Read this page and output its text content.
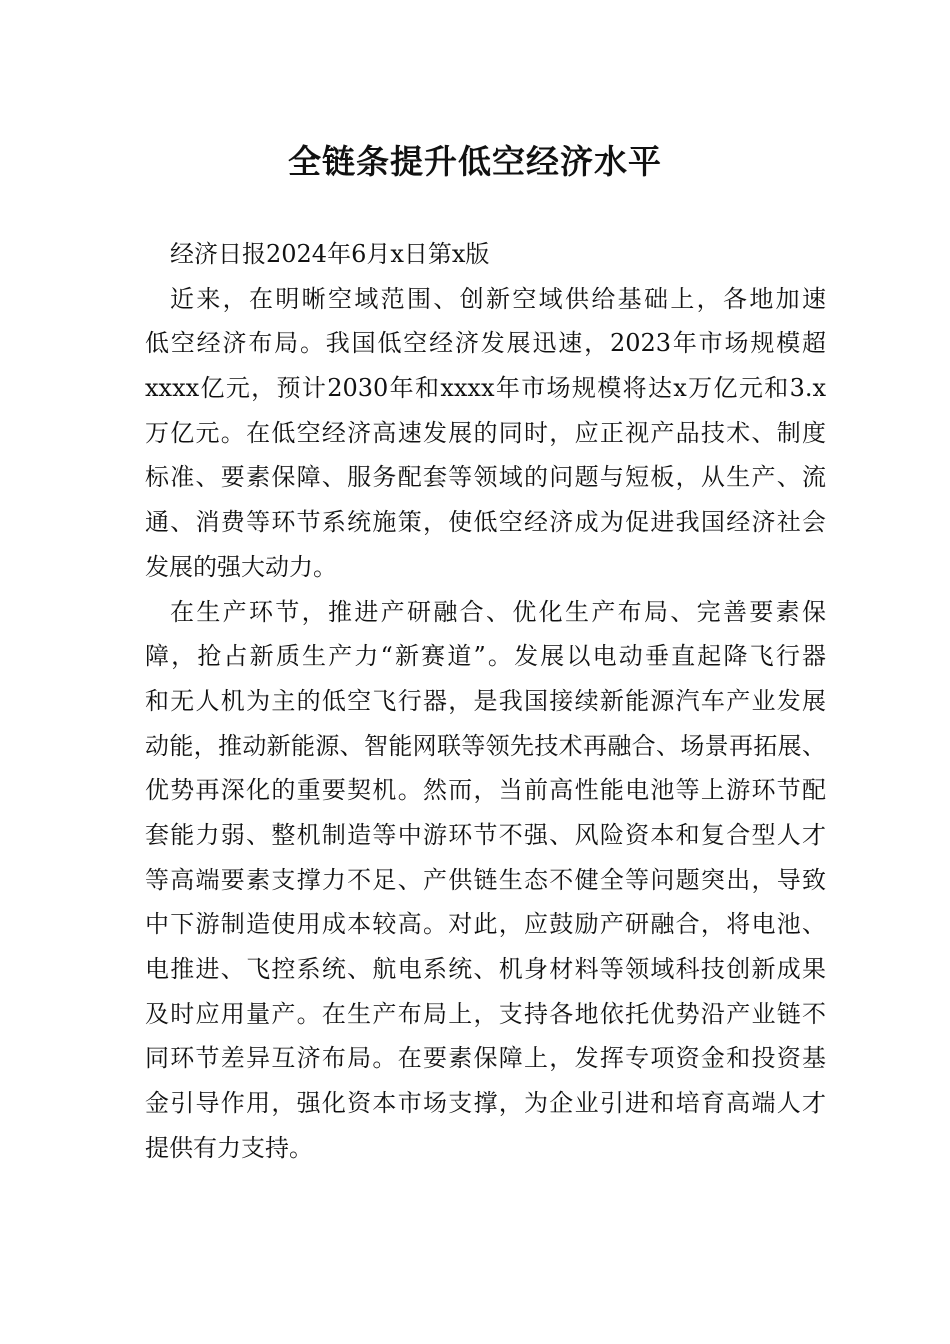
全链条提升低空经济水平
经济日报2024年6月x日第x版
近来，在明晰空域范围、创新空域供给基础上，各地加速
低空经济布局。我国低空经济发展迅速，2023年市场规模超
xxxx亿元，预计2030年和xxxx年市场规模将达x万亿元和3.x
万亿元。在低空经济高速发展的同时，应正视产品技术、制度
标准、要素保障、服务配套等领域的问题与短板，从生产、流
通、消费等环节系统施策，使低空经济成为促进我国经济社会
发展的强大动力。
在生产环节，推进产研融合、优化生产布局、完善要素保
障，抢占新质生产力“新赛道”。发展以电动垂直起降飞行器
和无人机为主的低空飞行器，是我国接续新能源汽车产业发展
动能，推动新能源、智能网联等领先技术再融合、场景再拓展、
优势再深化的重要契机。然而，当前高性能电池等上游环节配
套能力弱、整机制造等中游环节不强、风险资本和复合型人才
等高端要素支撑力不足、产供链生态不健全等问题突出，导致
中下游制造使用成本较高。对此，应鼓励产研融合，将电池、
电推进、飞控系统、航电系统、机身材料等领域科技创新成果
及时应用量产。在生产布局上，支持各地依托优势沿产业链不
同环节差异互济布局。在要素保障上，发挥专项资金和投资基
金引导作用，强化资本市场支撑，为企业引进和培育高端人才
提供有力支持。
